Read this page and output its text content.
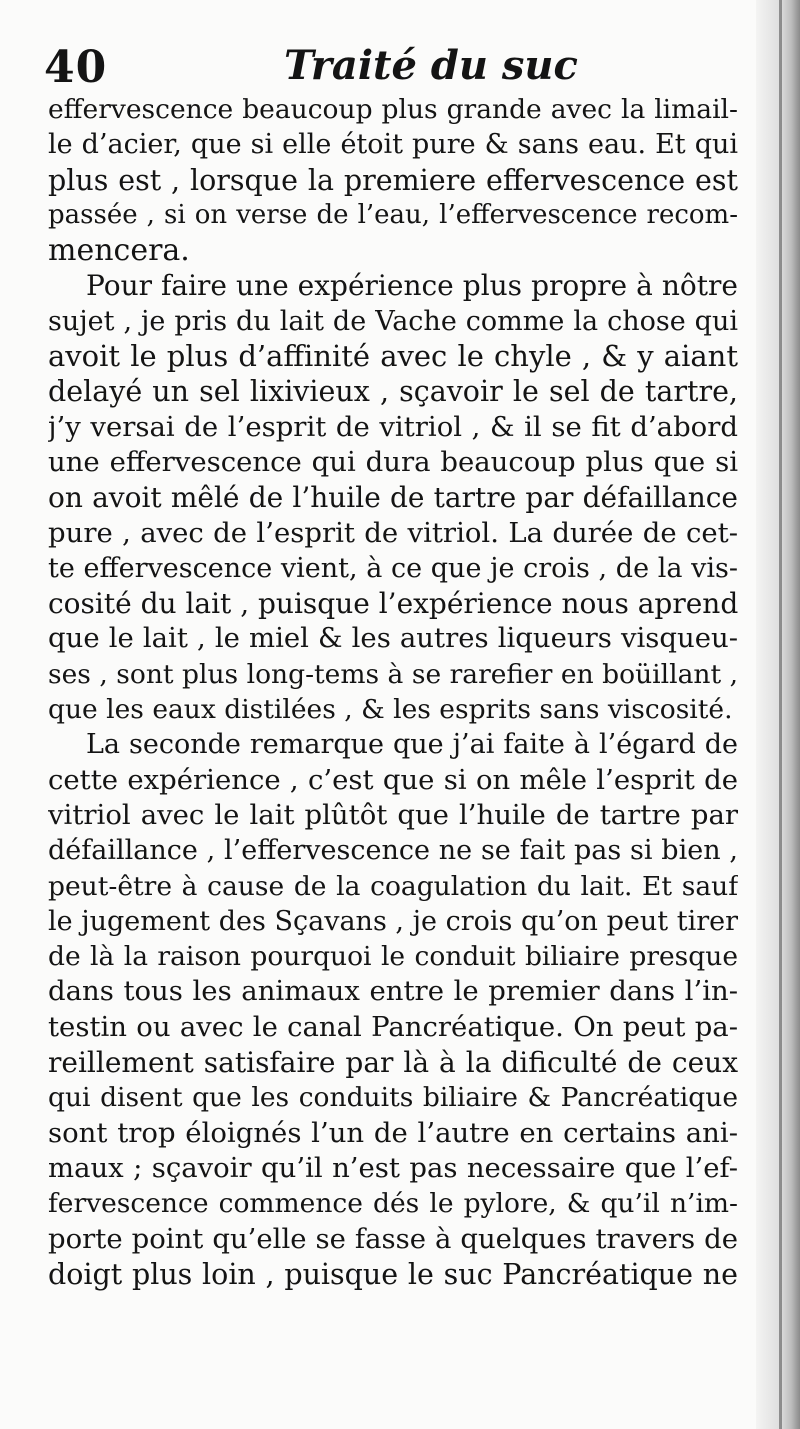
40	Traité du suc
effervescence beaucoup plus grande avec la limail-
le d’acier, que si elle étoit pure & sans eau. Et qui
plus est , lorsque la premiere effervescence est
passée , si on verse de l’eau, l’effervescence recom-
mencera.
Pour faire une expérience plus propre à nôtre
sujet , je pris du lait de Vache comme la chose qui
avoit le plus d’affinité avec le chyle , & y aiant
delayé un sel lixivieux , sçavoir le sel de tartre,
j’y versai de l’esprit de vitriol , & il se fit d’abord
une effervescence qui dura beaucoup plus que si
on avoit mêlé de l’huile de tartre par défaillance
pure , avec de l’esprit de vitriol. La durée de cet-
te effervescence vient, à ce que je crois , de la vis-
cosité du lait , puisque l’expérience nous aprend
que le lait , le miel & les autres liqueurs visqueu-
ses , sont plus long-tems à se rarefier en boüillant ,
que les eaux distilées , & les esprits sans viscosité.
La seconde remarque que j’ai faite à l’égard de
cette expérience , c’est que si on mêle l’esprit de
vitriol avec le lait plûtôt que l’huile de tartre par
défaillance , l’effervescence ne se fait pas si bien ,
peut-être à cause de la coagulation du lait. Et sauf
le jugement des Sçavans , je crois qu’on peut tirer
de là la raison pourquoi le conduit biliaire presque
dans tous les animaux entre le premier dans l’in-
testin ou avec le canal Pancréatique. On peut pa-
reillement satisfaire par là à la dificulté de ceux
qui disent que les conduits biliaire & Pancréatique
sont trop éloignés l’un de l’autre en certains ani-
maux ; sçavoir qu’il n’est pas necessaire que l’ef-
fervescence commence dés le pylore, & qu’il n’im-
porte point qu’elle se fasse à quelques travers de
doigt plus loin , puisque le suc Pancréatique ne
